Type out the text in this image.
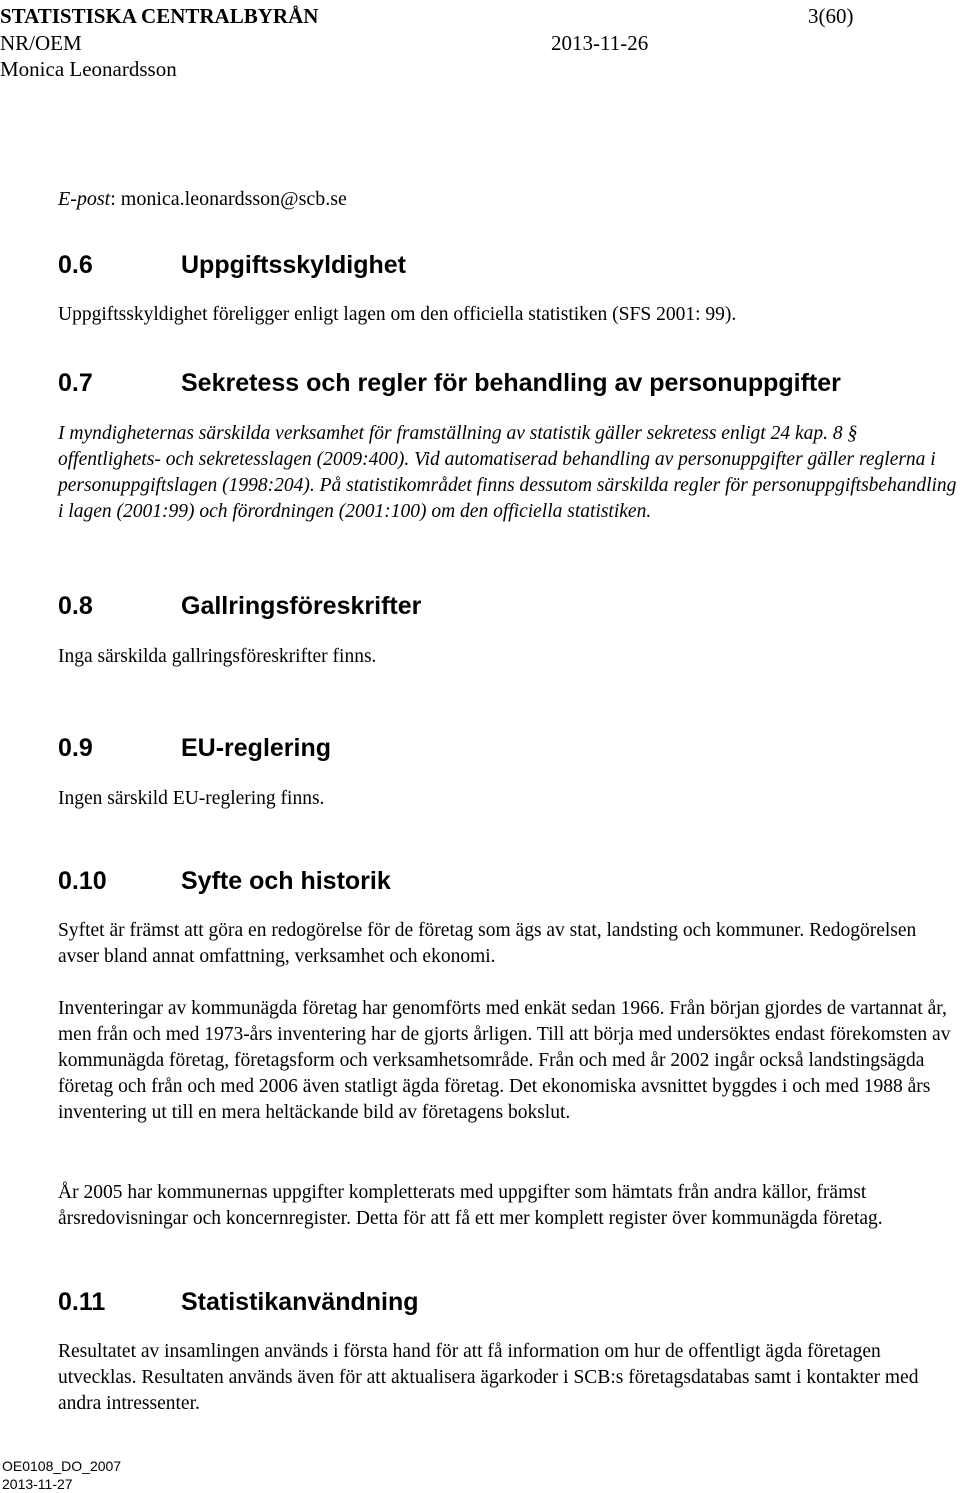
STATISTISKA CENTRALBYRÅN	3(60)
NR/OEM	2013-11-26
Monica Leonardsson
E-post: monica.leonardsson@scb.se
0.6	Uppgiftsskyldighet
Uppgiftsskyldighet föreligger enligt lagen om den officiella statistiken (SFS 2001: 99).
0.7	Sekretess och regler för behandling av personuppgifter
I myndigheternas särskilda verksamhet för framställning av statistik gäller sekretess enligt 24 kap. 8 § offentlighets- och sekretesslagen (2009:400). Vid automatiserad behandling av personuppgifter gäller reglerna i personuppgiftslagen (1998:204). På statistikområdet finns dessutom särskilda regler för personuppgiftsbehandling i lagen (2001:99) och förordningen (2001:100) om den officiella statistiken.
0.8	Gallringsföreskrifter
Inga särskilda gallringsföreskrifter finns.
0.9	EU-reglering
Ingen särskild EU-reglering finns.
0.10	Syfte och historik
Syftet är främst att göra en redogörelse för de företag som ägs av stat, landsting och kommuner. Redogörelsen avser bland annat omfattning, verksamhet och ekonomi.
Inventeringar av kommunägda företag har genomförts med enkät sedan 1966. Från början gjordes de vartannat år, men från och med 1973-års inventering har de gjorts årligen. Till att börja med undersöktes endast förekomsten av kommunägda företag, företagsform och verksamhetsområde. Från och med år 2002 ingår också landstingsägda företag och från och med 2006 även statligt ägda företag. Det ekonomiska avsnittet byggdes i och med 1988 års inventering ut till en mera heltäckande bild av företagens bokslut.
År 2005 har kommunernas uppgifter kompletterats med uppgifter som hämtats från andra källor, främst årsredovisningar och koncernregister. Detta för att få ett mer komplett register över kommunägda företag.
0.11	Statistikanvändning
Resultatet av insamlingen används i första hand för att få information om hur de offentligt ägda företagen utvecklas. Resultaten används även för att aktualisera ägarkoder i SCB:s företagsdatabas samt i kontakter med andra intressenter.
OE0108_DO_2007
2013-11-27
